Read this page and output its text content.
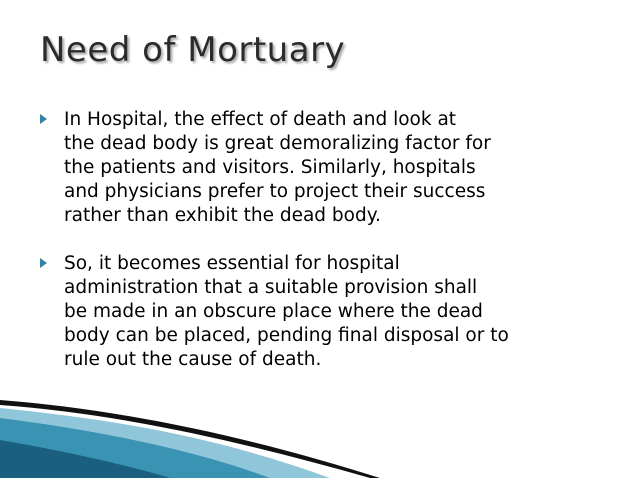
Need of Mortuary
In Hospital, the effect of death and look at
the dead body is great demoralizing factor for
the patients and visitors. Similarly, hospitals
and physicians prefer to project their success
rather than exhibit the dead body.
So, it becomes essential for hospital
administration that a suitable provision shall
be made in an obscure place where the dead
body can be placed, pending final disposal or to
rule out the cause of death.
